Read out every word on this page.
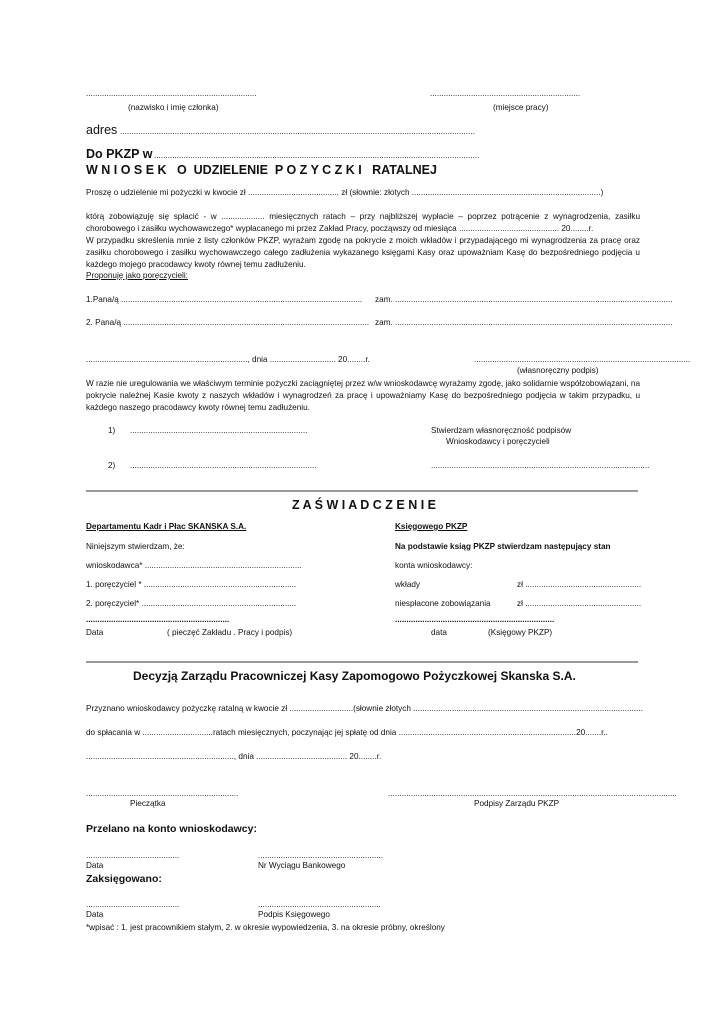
...........................................................................
(nazwisko i imię członka)
..................................................................
(miejsce pracy)
adres ............................................................................................................................................................
Do PKZP w ...............................................................................................................................................
W N I O S E K   O  UDZIELENIE  P O Z Y C Z K I   RATALNEJ
Proszę o udzielenie mi pożyczki w kwocie zł ........................................ zł (słownie: złotych ...................................................................................)
którą zobowiązuję się spłacić - w ................... miesięcznych ratach – przy najbliższej wypłacie – poprzez potrącenie z wynagrodzenia, zasiłku chorobowego i zasiłku wychowawczego* wypłacanego mi przez Zakład Pracy, począwszy od miesiąca ............................................ 20........r.
W przypadku skreślenia mnie z listy członków PKZP, wyrażam zgodę na pokrycie z moich wkładów i przypadającego mi wynagrodzenia za pracę oraz zasiłku chorobowego i zasiłku wychowawczego całego zadłużenia wykazanego księgami Kasy oraz upoważniam Kasę do bezpośredniego podjęcia u każdego mojego pracodawcy kwoty równej temu zadłużeniu.
Proponuję jako poręczycieli:
1.Pana/ą .......................................................................................................... zam. ..........................................................................................................................
2. Pana/ą ............................................................................................................ zam. ..........................................................................................................................
......................................................................., dnia ............................. 20........r.	...............................................................................................
(własnoręczny podpis)
W razie nie uregulowania we właściwym terminie pożyczki zaciągniętej przez w/w wnioskodawcę wyrażamy zgodę, jako solidarnie współzobowiązani, na pokrycie należnej Kasie kwoty z naszych wkładów i wynagrodzeń za pracę i upoważniamy Kasę do bezpośredniego podjęcia w takim przypadku, u każdego naszego pracodawcy kwoty równej temu zadłużeniu.
1) ..............................................................................
2) ..................................................................................
Stwierdzam własnoręczność podpisów
Wnioskodawcy i poręczycieli
................................................................................................
Z A Ś W I A D C Z E N I E
Departamentu Kadr i Płac SKANSKA S.A.
Niniejszym stwierdzam, że:
wnioskodawca* .....................................................................
1. poręczyciel * ...................................................................
2. poręczyciel* ....................................................................
...............................................................
Data	( pieczęć Zakładu . Pracy i podpis)
Księgowego PKZP
Na podstawie ksiąg PKZP stwierdzam następujący stan
konta wnioskodawcy:
wkłady	zł ...................................................
niespłacone zobowiązania	zł ...................................................
......................................................................
data	(Księgowy PKZP)
Decyzją Zarządu Pracowniczej Kasy Zapomogowo Pożyczkowej Skanska S.A.
Przyznano wnioskodawcy pożyczkę ratalną w kwocie zł ............................(słownie złotych .....................................................................................................
do spłacania w ...............................ratach miesięcznych, poczynając jej spłatę od dnia ..............................................................................20.......r..
................................................................., dnia ........................................ 20........r.
...................................................................
Pieczątka
...............................................................................................................................
Podpisy Zarządu PKZP
Przelano na konto wnioskodawcy:
.........................................
Data
.......................................................
Nr Wyciągu Bankowego
Zaksięgowano:
.........................................
Data
......................................................
Podpis Księgowego
*wpisać : 1. jest pracownikiem stałym, 2. w okresie wypowiedzenia, 3. na okresie próbny, określony
